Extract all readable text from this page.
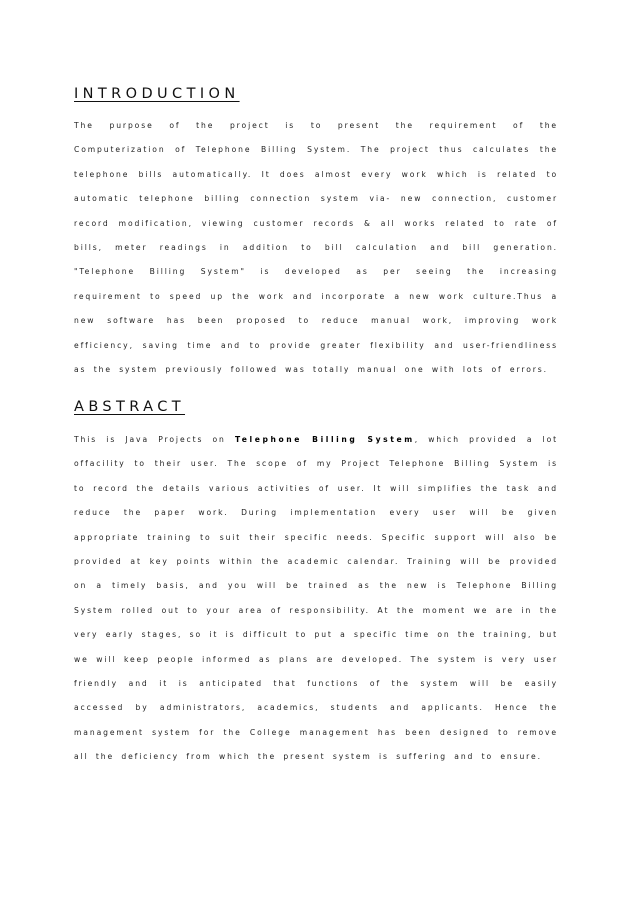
INTRODUCTION

The purpose of the project is to present the requirement of the Computerization of Telephone Billing System. The project thus calculates the telephone bills automatically. It does almost every work which is related to automatic telephone billing connection system via- new connection, customer record modification, viewing customer records & all works related to rate of bills, meter readings in addition to bill calculation and bill generation. "Telephone Billing System" is developed as per seeing the increasing requirement to speed up the work and incorporate a new work culture.Thus a new software has been proposed to reduce manual work, improving work efficiency, saving time and to provide greater flexibility and user-friendliness as the system previously followed was totally manual one with lots of errors.

ABSTRACT

This is Java Projects on Telephone Billing System, which provided a lot offacility to their user. The scope of my Project Telephone Billing System is to record the details various activities of user. It will simplifies the task and reduce the paper work. During implementation every user will be given appropriate training to suit their specific needs. Specific support will also be provided at key points within the academic calendar. Training will be provided on a timely basis, and you will be trained as the new is Telephone Billing System rolled out to your area of responsibility. At the moment we are in the very early stages, so it is difficult to put a specific time on the training, but we will keep people informed as plans are developed. The system is very user friendly and it is anticipated that functions of the system will be easily accessed by administrators, academics, students and applicants. Hence the management system for the College management has been designed to remove all the deficiency from which the present system is suffering and to ensure.
